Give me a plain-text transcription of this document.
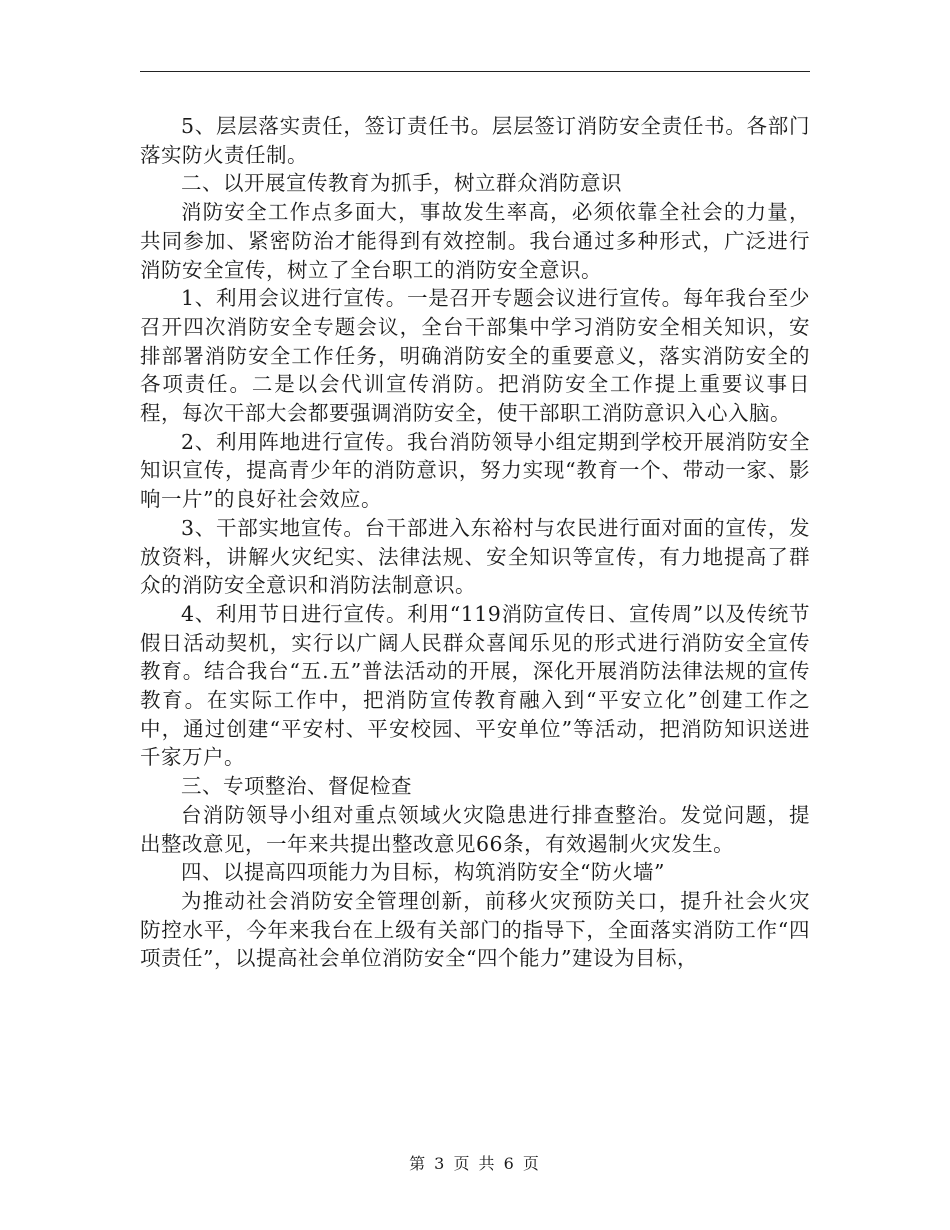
5、层层落实责任，签订责任书。层层签订消防安全责任书。各部门落实防火责任制。

二、以开展宣传教育为抓手，树立群众消防意识

消防安全工作点多面大，事故发生率高，必须依靠全社会的力量，共同参加、紧密防治才能得到有效控制。我台通过多种形式，广泛进行消防安全宣传，树立了全台职工的消防安全意识。

1、利用会议进行宣传。一是召开专题会议进行宣传。每年我台至少召开四次消防安全专题会议，全台干部集中学习消防安全相关知识，安排部署消防安全工作任务，明确消防安全的重要意义，落实消防安全的各项责任。二是以会代训宣传消防。把消防安全工作提上重要议事日程，每次干部大会都要强调消防安全，使干部职工消防意识入心入脑。

2、利用阵地进行宣传。我台消防领导小组定期到学校开展消防安全知识宣传，提高青少年的消防意识，努力实现“教育一个、带动一家、影响一片”的良好社会效应。

3、干部实地宣传。台干部进入东裕村与农民进行面对面的宣传，发放资料，讲解火灾纪实、法律法规、安全知识等宣传，有力地提高了群众的消防安全意识和消防法制意识。

4、利用节日进行宣传。利用“119消防宣传日、宣传周”以及传统节假日活动契机，实行以广阔人民群众喜闻乐见的形式进行消防安全宣传教育。结合我台“五.五”普法活动的开展，深化开展消防法律法规的宣传教育。在实际工作中，把消防宣传教育融入到“平安立化”创建工作之中，通过创建“平安村、平安校园、平安单位”等活动，把消防知识送进千家万户。

三、专项整治、督促检查

台消防领导小组对重点领域火灾隐患进行排查整治。发觉问题，提出整改意见，一年来共提出整改意见66条，有效遏制火灾发生。

四、以提高四项能力为目标，构筑消防安全“防火墙”

为推动社会消防安全管理创新，前移火灾预防关口，提升社会火灾防控水平，今年来我台在上级有关部门的指导下，全面落实消防工作“四项责任”，以提高社会单位消防安全“四个能力”建设为目标，

第 3 页 共 6 页
